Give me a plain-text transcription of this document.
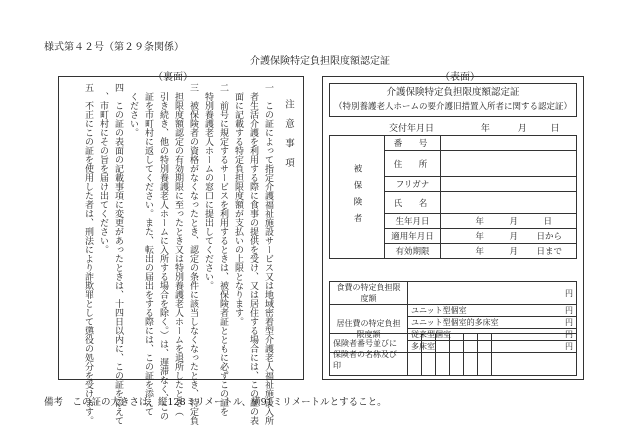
様式第４２号（第２９条関係）
介護保険特定負担限度額認定証
（裏面）	（表面）
注意事項
一　この証によって指定介護福祉施設サービス又は地域密着型介護老人福祉施設入所
　者生活介護を利用する際に食事の提供を受け、又は居住する場合には、この証の表
　面に記載する特定負担限度額が支払いの上限となります。
二　前号に規定するサービスを利用するときは、被保険者証とともに必ずこの証を
　特別養護老人ホームの窓口に提出してください。
三　被保険者の資格がなくなったとき、認定の条件に該当しなくなったとき、特定負
　担限度額認定の有効期限に至ったとき又は特別養護老人ホームを退所したとき（
　引き続き、他の特別養護老人ホームに入所する場合を除く。）は、遅滞なく、この
　証を市町村に返してください。また、転出の届出をする際には、この証を添えて
　ください。
四　この証の表面の記載事項に変更があったときは、十四日以内に、この証を添えて
　、市町村にその旨を届け出てください。
五　不正にこの証を使用した者は、刑法により詐欺罪として懲役の処分を受けます。	介護保険特定負担限度額認定証
（特別養護老人ホームの要介護旧措置入所者に関する認定証）
交付年月日	年	月	日
被保険者	番　号	
	住　所	
	フリガナ	
	氏　名	
	生年月日	年 月 日
	適用年月日	年 月 日から
	有効期限	年 月 日まで
食費の特定負担限度額	円
居住費の特定負担限度額	ユニット型個室 円

	ユニット型個室的多床室 円

	従来型個室 円

	多床室 円
保険者番号並びに保険者の名称及び印							
備考　この証の大きさは、縦128ミリメートル、横91ミリメートルとすること。
